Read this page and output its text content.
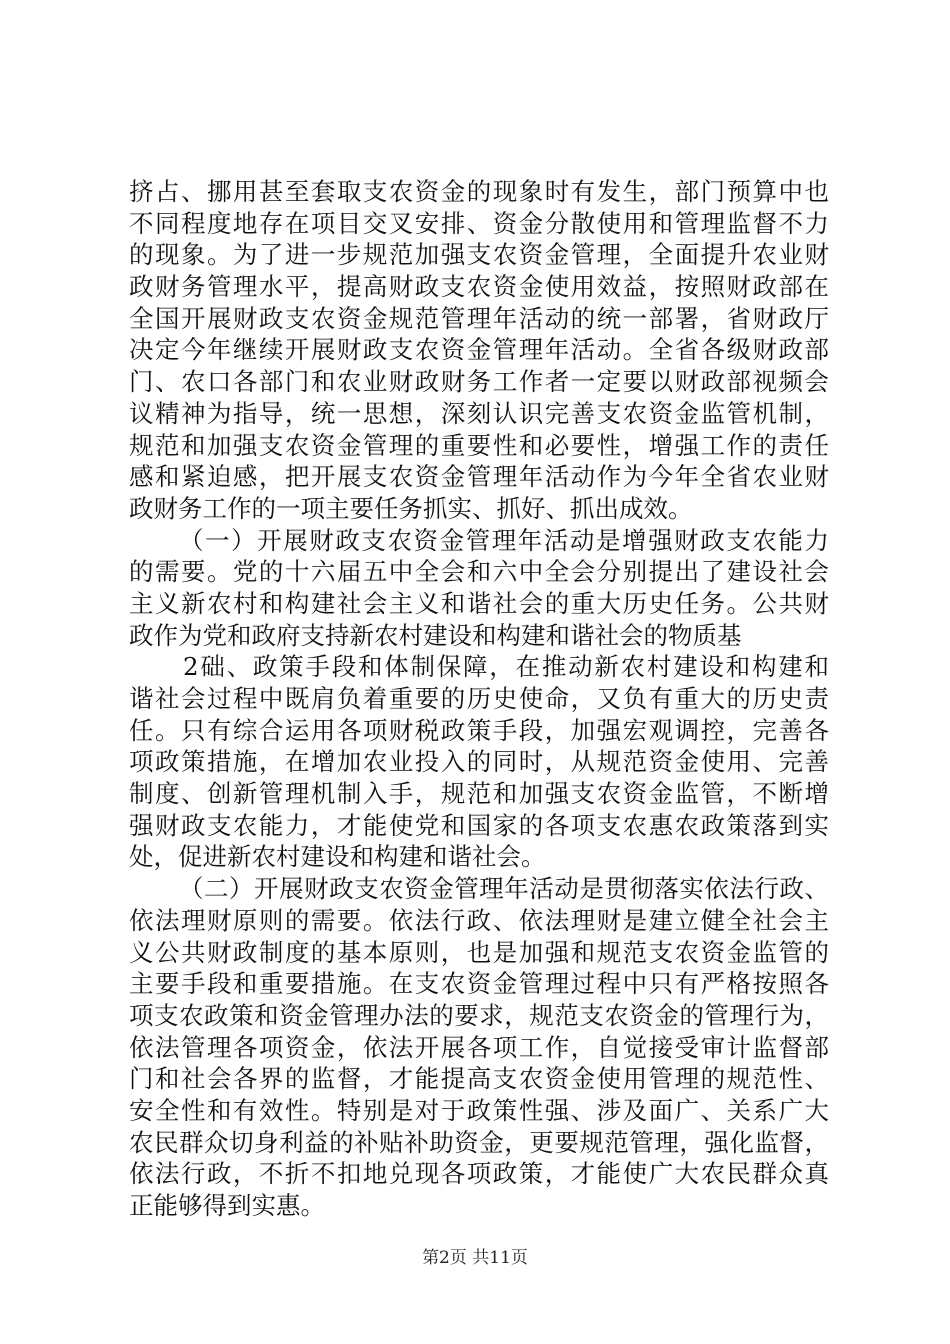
挤占、挪用甚至套取支农资金的现象时有发生，部门预算中也
不同程度地存在项目交叉安排、资金分散使用和管理监督不力
的现象。为了进一步规范加强支农资金管理，全面提升农业财
政财务管理水平，提高财政支农资金使用效益，按照财政部在
全国开展财政支农资金规范管理年活动的统一部署，省财政厅
决定今年继续开展财政支农资金管理年活动。全省各级财政部
门、农口各部门和农业财政财务工作者一定要以财政部视频会
议精神为指导，统一思想，深刻认识完善支农资金监管机制，
规范和加强支农资金管理的重要性和必要性，增强工作的责任
感和紧迫感，把开展支农资金管理年活动作为今年全省农业财
政财务工作的一项主要任务抓实、抓好、抓出成效。
（一）开展财政支农资金管理年活动是增强财政支农能力
的需要。党的十六届五中全会和六中全会分别提出了建设社会
主义新农村和构建社会主义和谐社会的重大历史任务。公共财
政作为党和政府支持新农村建设和构建和谐社会的物质基
2础、政策手段和体制保障，在推动新农村建设和构建和
谐社会过程中既肩负着重要的历史使命，又负有重大的历史责
任。只有综合运用各项财税政策手段，加强宏观调控，完善各
项政策措施，在增加农业投入的同时，从规范资金使用、完善
制度、创新管理机制入手，规范和加强支农资金监管，不断增
强财政支农能力，才能使党和国家的各项支农惠农政策落到实
处，促进新农村建设和构建和谐社会。
（二）开展财政支农资金管理年活动是贯彻落实依法行政、
依法理财原则的需要。依法行政、依法理财是建立健全社会主
义公共财政制度的基本原则，也是加强和规范支农资金监管的
主要手段和重要措施。在支农资金管理过程中只有严格按照各
项支农政策和资金管理办法的要求，规范支农资金的管理行为，
依法管理各项资金，依法开展各项工作，自觉接受审计监督部
门和社会各界的监督，才能提高支农资金使用管理的规范性、
安全性和有效性。特别是对于政策性强、涉及面广、关系广大
农民群众切身利益的补贴补助资金，更要规范管理，强化监督，
依法行政，不折不扣地兑现各项政策，才能使广大农民群众真
正能够得到实惠。
第2页 共11页
